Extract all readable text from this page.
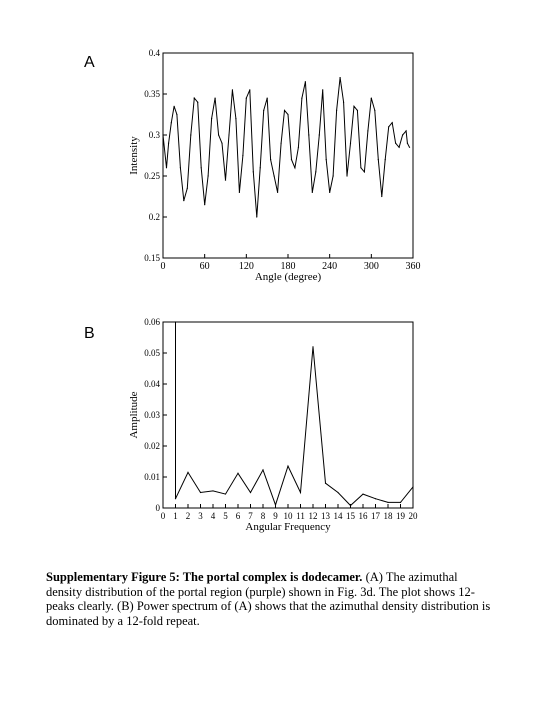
A
B
0	60	120	180	240	300	360
0.15
0.2
0.25
0.3
0.35
0.4
Angle (degree)
Intensity
0 1 2 3 4 5 6 7 8 9 10 11 12 13 14 15 16 17 18 19 20
0
0.01
0.02
0.03
0.04
0.05
0.06
Angular Frequency
Amplitude
Supplementary Figure 5: The portal complex is dodecamer. (A) The azimuthal density distribution of the portal region (purple) shown in Fig. 3d. The plot shows 12-peaks clearly. (B) Power spectrum of (A) shows that the azimuthal density distribution is dominated by a 12-fold repeat.
